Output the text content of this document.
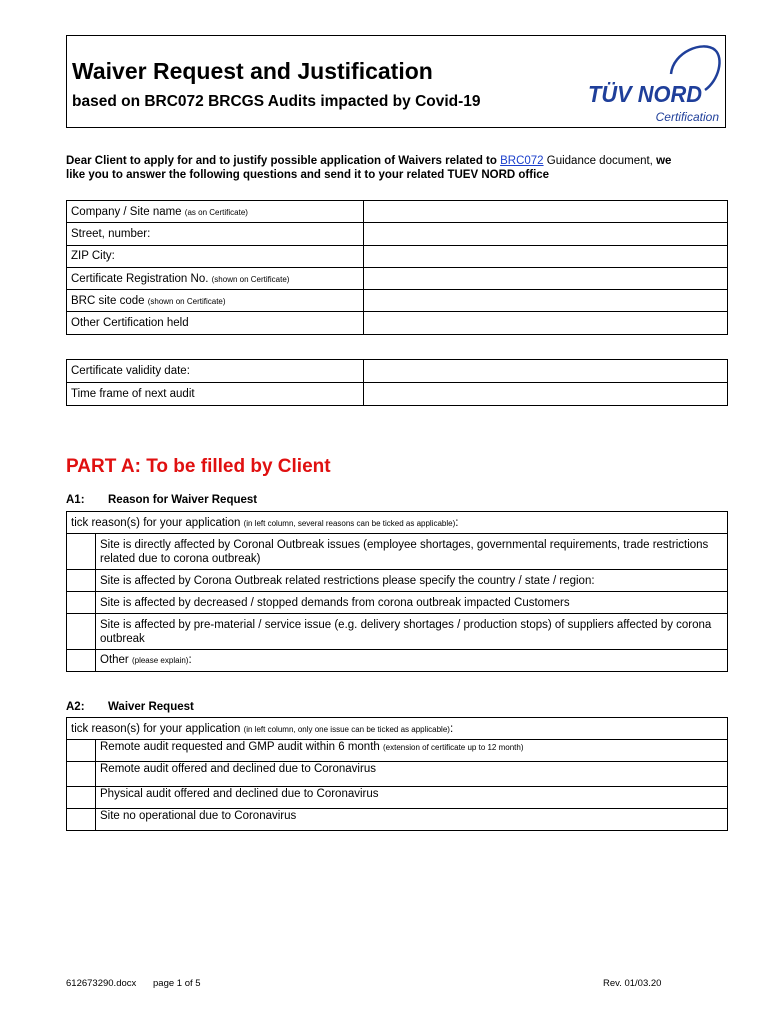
Waiver Request and Justification
based on BRC072 BRCGS Audits impacted by Covid-19	TÜV NORD
Certification
Dear Client to apply for and to justify possible application of Waivers related to BRC072 Guidance document, we like you to answer the following questions and send it to your related TUEV NORD office
Company / Site name (as on Certificate)	
Street, number:	
ZIP City:	
Certificate Registration No. (shown on Certificate)	
BRC site code (shown on Certificate)	
Other Certification held	
Certificate validity date:	
Time frame of next audit	
PART A: To be filled by Client
A1: Reason for Waiver Request
tick reason(s) for your application (in left column, several reasons can be ticked as applicable):	
	Site is directly affected by Coronal Outbreak issues (employee shortages, governmental requirements, trade restrictions related due to corona outbreak)
	Site is affected by Corona Outbreak related restrictions please specify the country / state / region:
	Site is affected by decreased / stopped demands from corona outbreak impacted Customers
	Site is affected by pre-material / service issue (e.g. delivery shortages / production stops) of suppliers affected by corona outbreak
	Other (please explain):
A2: Waiver Request
tick reason(s) for your application (in left column, only one issue can be ticked as applicable):	
	Remote audit requested and GMP audit within 6 month (extension of certificate up to 12 month)
	Remote audit offered and declined due to Coronavirus
	Physical audit offered and declined due to Coronavirus
	Site no operational due to Coronavirus
612673290.docx page 1 of 5	Rev. 01/03.20
